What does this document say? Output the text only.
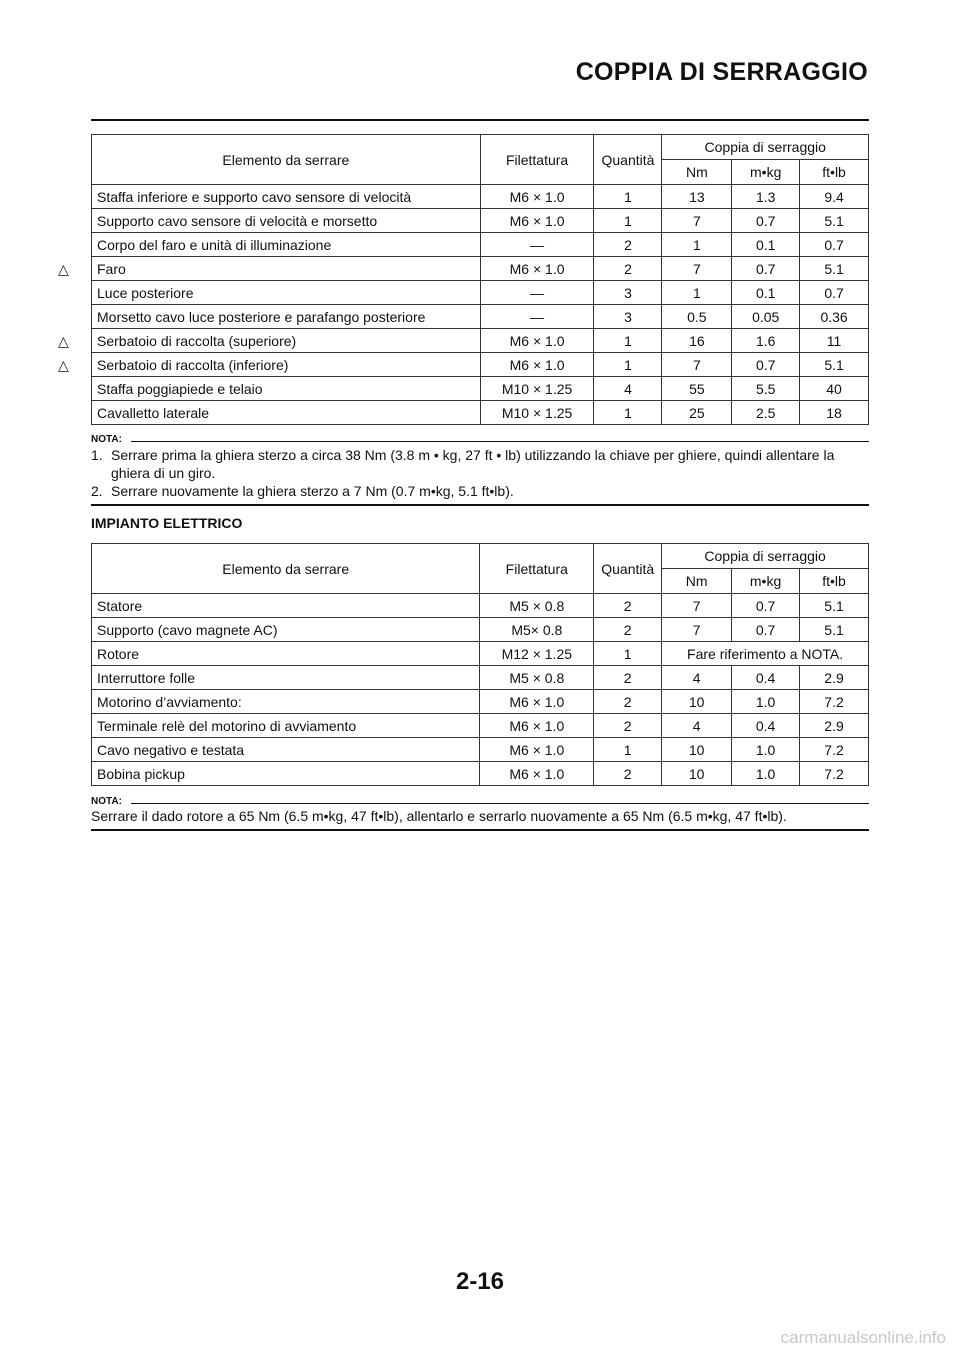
COPPIA DI SERRAGGIO
Elemento da serrare	Filettatura	Quantità	Coppia di serraggio		
			Nm	m•kg	ft•lb
Staffa inferiore e supporto cavo sensore di velocità	M6 × 1.0	1	13	1.3	9.4
Supporto cavo sensore di velocità e morsetto	M6 × 1.0	1	7	0.7	5.1
Corpo del faro e unità di illuminazione	—	2	1	0.1	0.7
Faro	M6 × 1.0	2	7	0.7	5.1
Luce posteriore	—	3	1	0.1	0.7
Morsetto cavo luce posteriore e parafango posteriore	—	3	0.5	0.05	0.36
Serbatoio di raccolta (superiore)	M6 × 1.0	1	16	1.6	11
Serbatoio di raccolta (inferiore)	M6 × 1.0	1	7	0.7	5.1
Staffa poggiapiede e telaio	M10 × 1.25	4	55	5.5	40
Cavalletto laterale	M10 × 1.25	1	25	2.5	18
△
△
△
NOTA:
1. Serrare prima la ghiera sterzo a circa 38 Nm (3.8 m • kg, 27 ft • lb) utilizzando la chiave per ghiere, quindi allentare la ghiera di un giro.
2. Serrare nuovamente la ghiera sterzo a 7 Nm (0.7 m•kg, 5.1 ft•lb).
IMPIANTO ELETTRICO
Elemento da serrare	Filettatura	Quantità	Coppia di serraggio		
			Nm	m•kg	ft•lb
Statore	M5 × 0.8	2	7	0.7	5.1
Supporto (cavo magnete AC)	M5× 0.8	2	7	0.7	5.1
Rotore	M12 × 1.25	1	Fare riferimento a NOTA.		
Interruttore folle	M5 × 0.8	2	4	0.4	2.9
Motorino d’avviamento:	M6 × 1.0	2	10	1.0	7.2
Terminale relè del motorino di avviamento	M6 × 1.0	2	4	0.4	2.9
Cavo negativo e testata	M6 × 1.0	1	10	1.0	7.2
Bobina pickup	M6 × 1.0	2	10	1.0	7.2
NOTA:
Serrare il dado rotore a 65 Nm (6.5 m•kg, 47 ft•lb), allentarlo e serrarlo nuovamente a 65 Nm (6.5 m•kg, 47 ft•lb).
2-16
carmanualsonline.info
